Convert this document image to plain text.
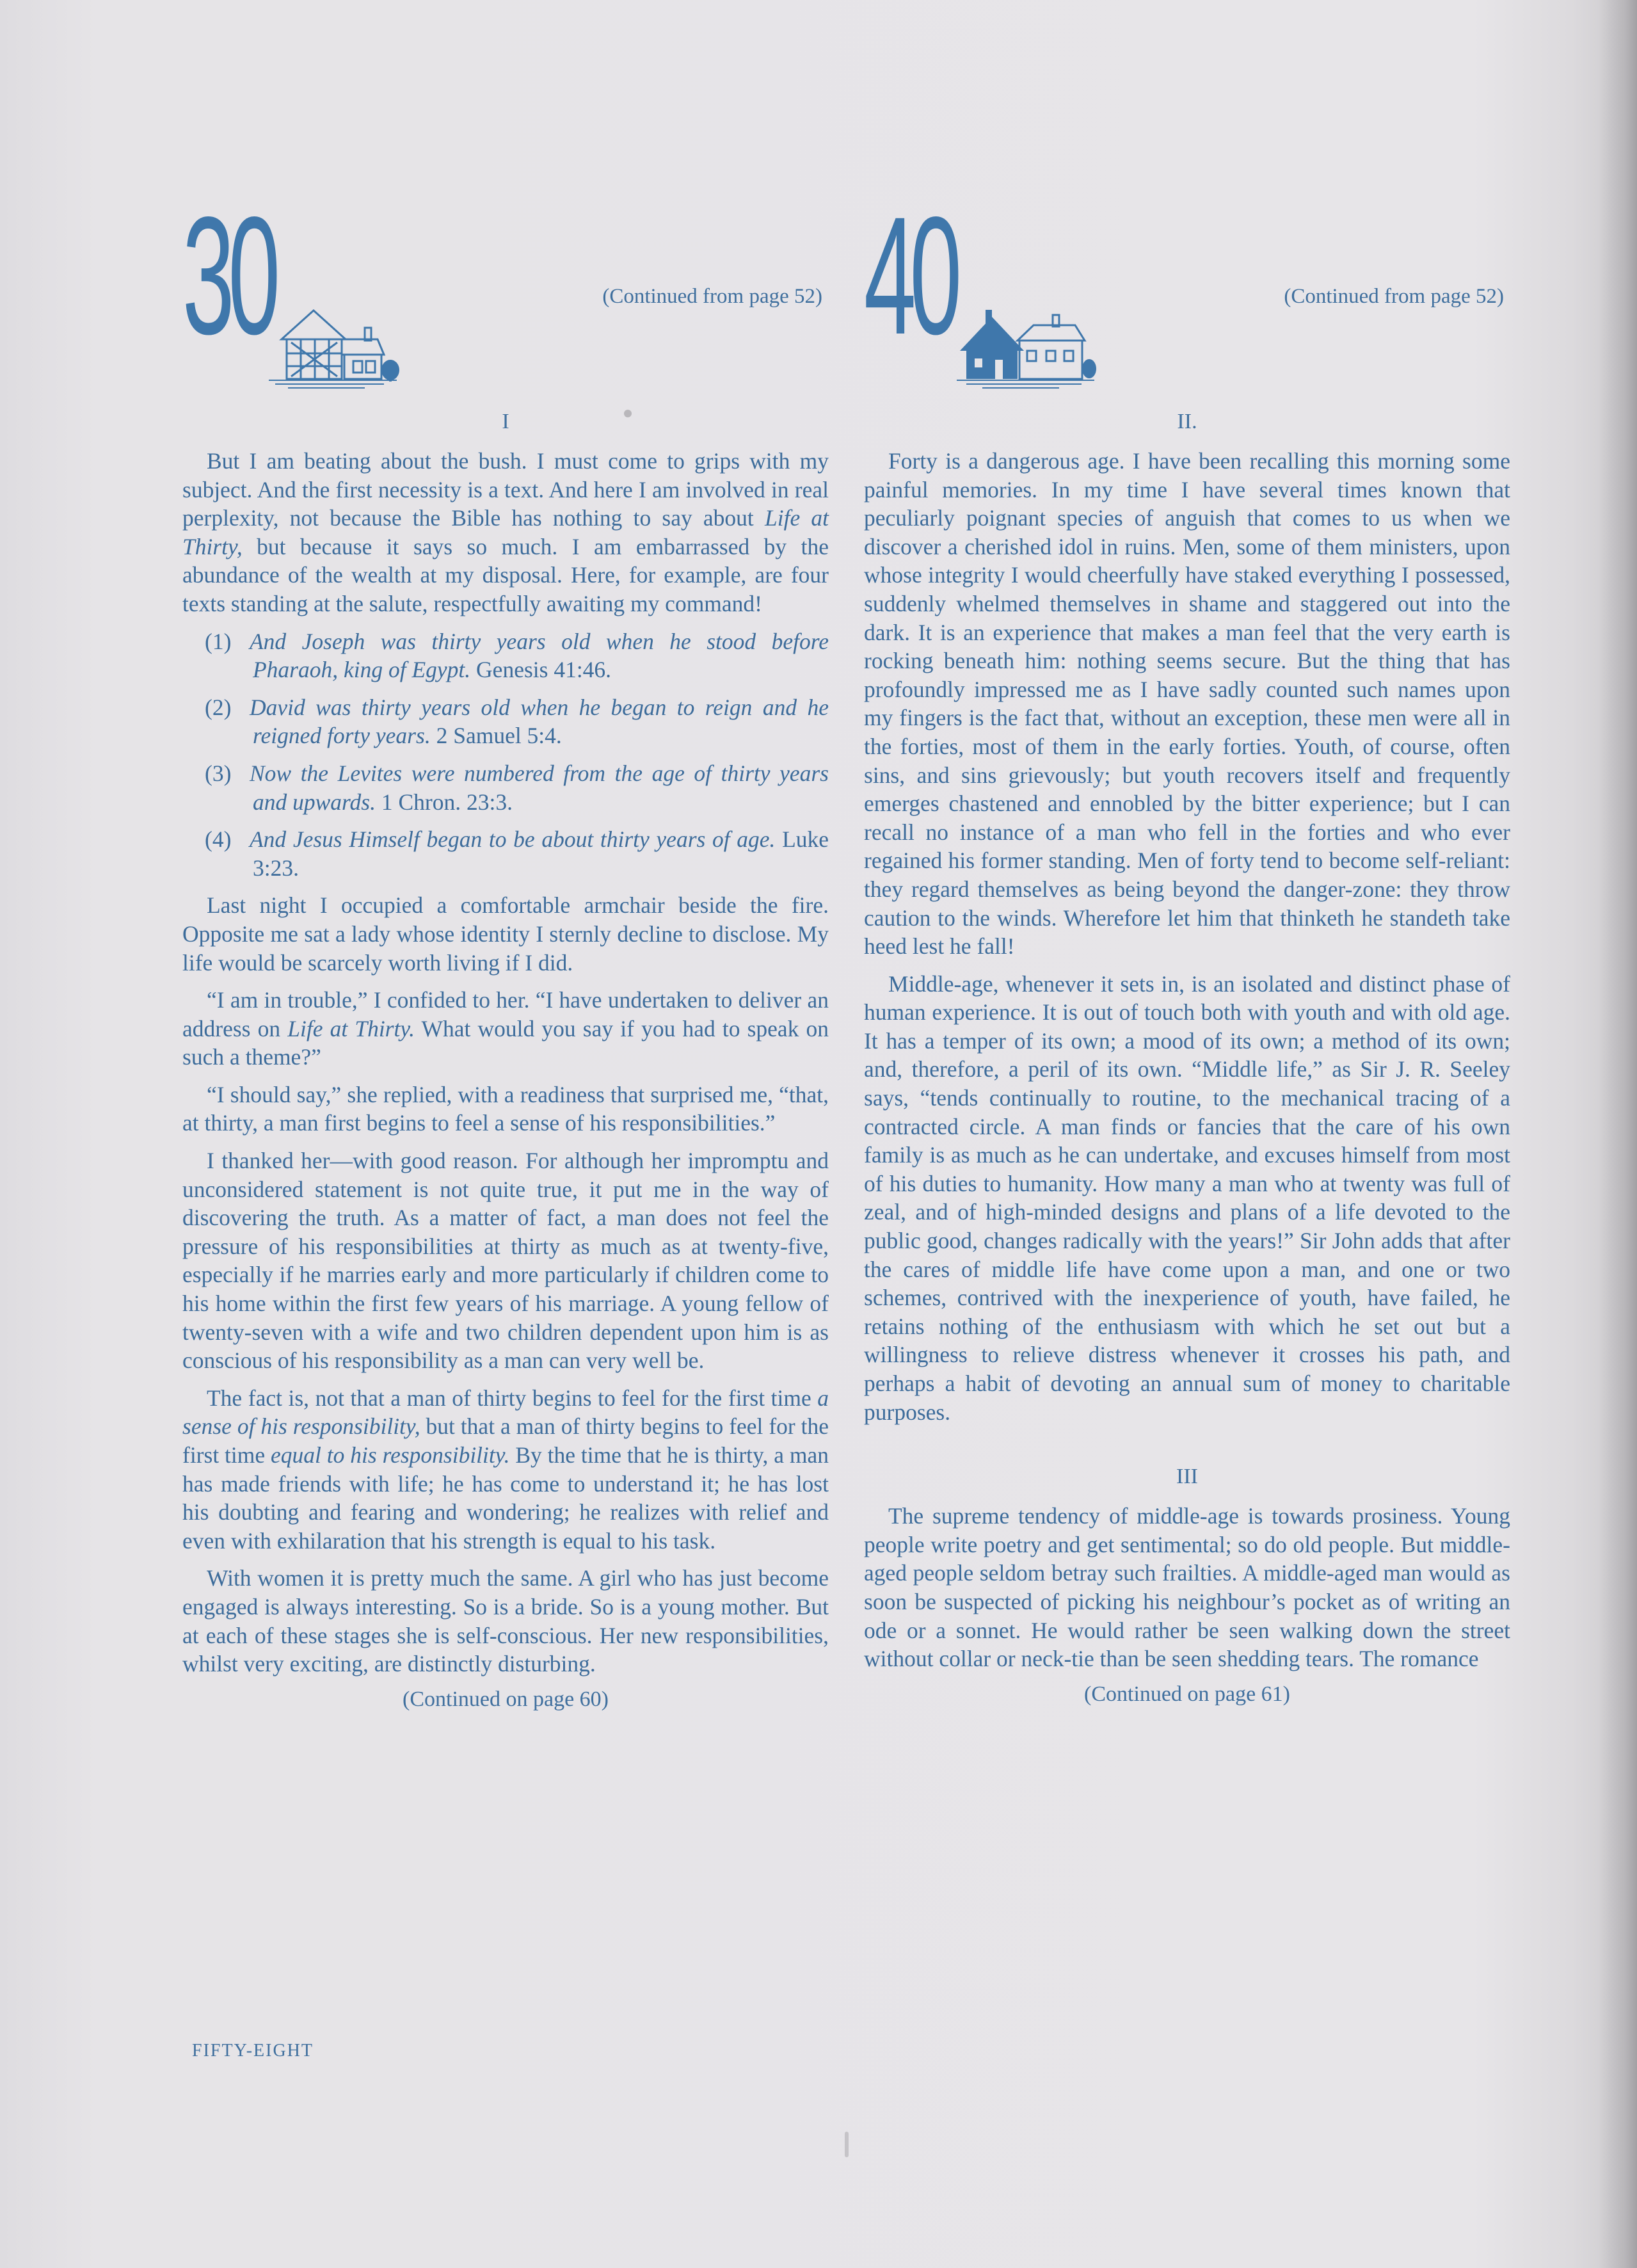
30	(Continued from page 52)
I

But I am beating about the bush. I must come to grips with my subject. And the first necessity is a text. And here I am involved in real perplexity, not because the Bible has nothing to say about Life at Thirty, but because it says so much. I am embarrassed by the abundance of the wealth at my disposal. Here, for example, are four texts standing at the salute, respectfully awaiting my command!

(1) And Joseph was thirty years old when he stood before Pharaoh, king of Egypt. Genesis 41:46.
(2) David was thirty years old when he began to reign and he reigned forty years. 2 Samuel 5:4.
(3) Now the Levites were numbered from the age of thirty years and upwards. 1 Chron. 23:3.
(4) And Jesus Himself began to be about thirty years of age. Luke 3:23.

Last night I occupied a comfortable armchair beside the fire. Opposite me sat a lady whose identity I sternly decline to disclose. My life would be scarcely worth living if I did.

“I am in trouble,” I confided to her. “I have undertaken to deliver an address on Life at Thirty. What would you say if you had to speak on such a theme?”

“I should say,” she replied, with a readiness that surprised me, “that, at thirty, a man first begins to feel a sense of his responsibilities.”

I thanked her—with good reason. For although her impromptu and unconsidered statement is not quite true, it put me in the way of discovering the truth. As a matter of fact, a man does not feel the pressure of his responsibilities at thirty as much as at twenty-five, especially if he marries early and more particularly if children come to his home within the first few years of his marriage. A young fellow of twenty-seven with a wife and two children dependent upon him is as conscious of his responsibility as a man can very well be.

The fact is, not that a man of thirty begins to feel for the first time a sense of his responsibility, but that a man of thirty begins to feel for the first time equal to his responsibility. By the time that he is thirty, a man has made friends with life; he has come to understand it; he has lost his doubting and fearing and wondering; he realizes with relief and even with exhilaration that his strength is equal to his task.

With women it is pretty much the same. A girl who has just become engaged is always interesting. So is a bride. So is a young mother. But at each of these stages she is self-conscious. Her new responsibilities, whilst very exciting, are distinctly disturbing.

(Continued on page 60)
40	(Continued from page 52)
II.

Forty is a dangerous age. I have been recalling this morning some painful memories. In my time I have several times known that peculiarly poignant species of anguish that comes to us when we discover a cherished idol in ruins. Men, some of them ministers, upon whose integrity I would cheerfully have staked everything I possessed, suddenly whelmed themselves in shame and staggered out into the dark. It is an experience that makes a man feel that the very earth is rocking beneath him: nothing seems secure. But the thing that has profoundly impressed me as I have sadly counted such names upon my fingers is the fact that, without an exception, these men were all in the forties, most of them in the early forties. Youth, of course, often sins, and sins grievously; but youth recovers itself and frequently emerges chastened and ennobled by the bitter experience; but I can recall no instance of a man who fell in the forties and who ever regained his former standing. Men of forty tend to become self-reliant: they regard themselves as being beyond the danger-zone: they throw caution to the winds. Wherefore let him that thinketh he standeth take heed lest he fall!

Middle-age, whenever it sets in, is an isolated and distinct phase of human experience. It is out of touch both with youth and with old age. It has a temper of its own; a mood of its own; a method of its own; and, therefore, a peril of its own. “Middle life,” as Sir J. R. Seeley says, “tends continually to routine, to the mechanical tracing of a contracted circle. A man finds or fancies that the care of his own family is as much as he can undertake, and excuses himself from most of his duties to humanity. How many a man who at twenty was full of zeal, and of high-minded designs and plans of a life devoted to the public good, changes radically with the years!” Sir John adds that after the cares of middle life have come upon a man, and one or two schemes, contrived with the inexperience of youth, have failed, he retains nothing of the enthusiasm with which he set out but a willingness to relieve distress whenever it crosses his path, and perhaps a habit of devoting an annual sum of money to charitable purposes.

III

The supreme tendency of middle-age is towards prosiness. Young people write poetry and get sentimental; so do old people. But middle-aged people seldom betray such frailties. A middle-aged man would as soon be suspected of picking his neighbour’s pocket as of writing an ode or a sonnet. He would rather be seen walking down the street without collar or neck-tie than be seen shedding tears. The romance

(Continued on page 61)
FIFTY-EIGHT
